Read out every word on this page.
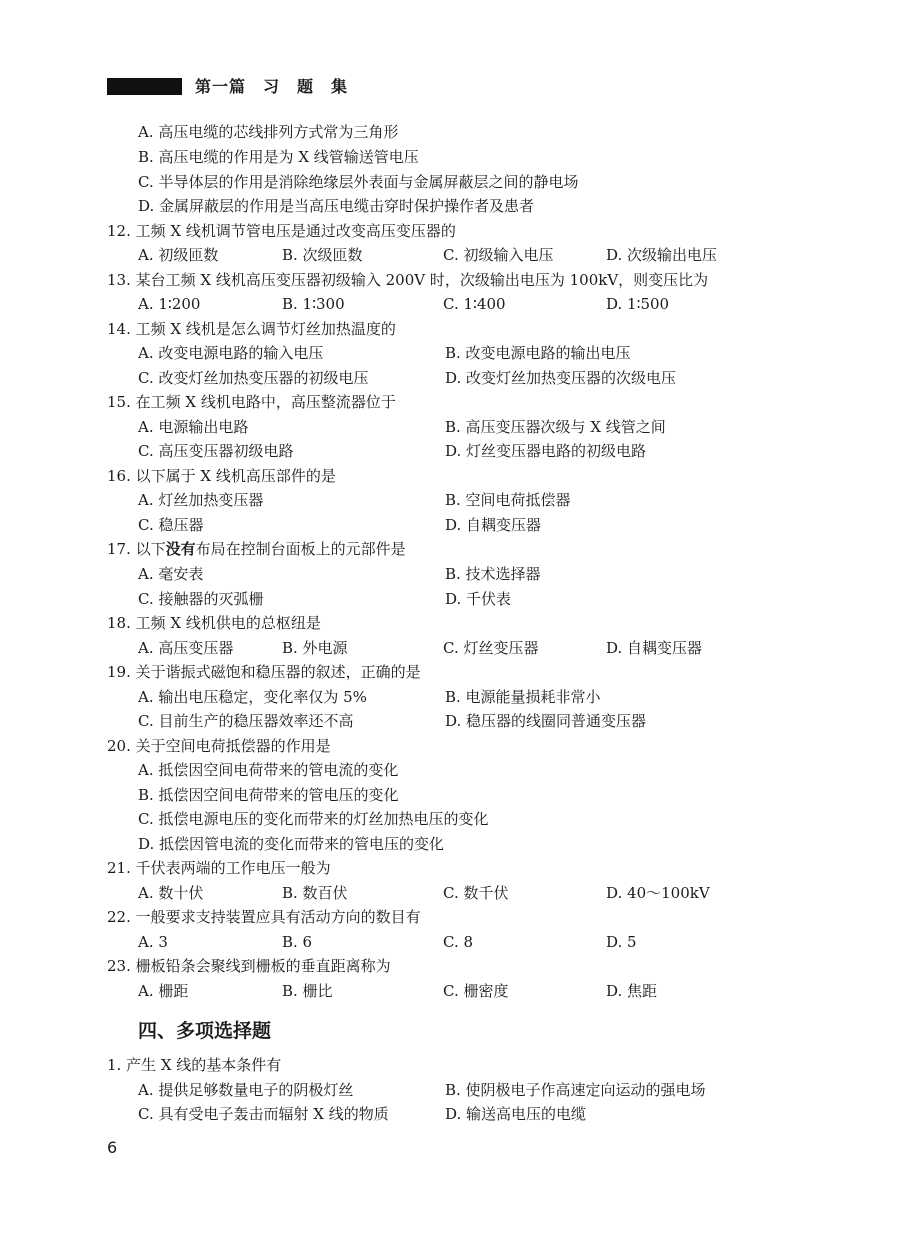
第一篇　习　题　集
A. 高压电缆的芯线排列方式常为三角形
B. 高压电缆的作用是为 X 线管输送管电压
C. 半导体层的作用是消除绝缘层外表面与金属屏蔽层之间的静电场
D. 金属屏蔽层的作用是当高压电缆击穿时保护操作者及患者
12. 工频 X 线机调节管电压是通过改变高压变压器的
A. 初级匝数	B. 次级匝数	C. 初级输入电压	D. 次级输出电压
13. 某台工频 X 线机高压变压器初级输入 200V 时，次级输出电压为 100kV，则变压比为
A. 1∶200	B. 1∶300	C. 1∶400	D. 1∶500
14. 工频 X 线机是怎么调节灯丝加热温度的
A. 改变电源电路的输入电压	B. 改变电源电路的输出电压
C. 改变灯丝加热变压器的初级电压	D. 改变灯丝加热变压器的次级电压
15. 在工频 X 线机电路中，高压整流器位于
A. 电源输出电路	B. 高压变压器次级与 X 线管之间
C. 高压变压器初级电路	D. 灯丝变压器电路的初级电路
16. 以下属于 X 线机高压部件的是
A. 灯丝加热变压器	B. 空间电荷抵偿器
C. 稳压器	D. 自耦变压器
17. 以下没有布局在控制台面板上的元部件是
A. 毫安表	B. 技术选择器
C. 接触器的灭弧栅	D. 千伏表
18. 工频 X 线机供电的总枢纽是
A. 高压变压器	B. 外电源	C. 灯丝变压器	D. 自耦变压器
19. 关于谐振式磁饱和稳压器的叙述，正确的是
A. 输出电压稳定，变化率仅为 5%	B. 电源能量损耗非常小
C. 目前生产的稳压器效率还不高	D. 稳压器的线圈同普通变压器
20. 关于空间电荷抵偿器的作用是
A. 抵偿因空间电荷带来的管电流的变化
B. 抵偿因空间电荷带来的管电压的变化
C. 抵偿电源电压的变化而带来的灯丝加热电压的变化
D. 抵偿因管电流的变化而带来的管电压的变化
21. 千伏表两端的工作电压一般为
A. 数十伏	B. 数百伏	C. 数千伏	D. 40～100kV
22. 一般要求支持装置应具有活动方向的数目有
A. 3	B. 6	C. 8	D. 5
23. 栅板铅条会聚线到栅板的垂直距离称为
A. 栅距	B. 栅比	C. 栅密度	D. 焦距
四、多项选择题
1. 产生 X 线的基本条件有
A. 提供足够数量电子的阴极灯丝	B. 使阴极电子作高速定向运动的强电场
C. 具有受电子轰击而辐射 X 线的物质	D. 输送高电压的电缆
6
